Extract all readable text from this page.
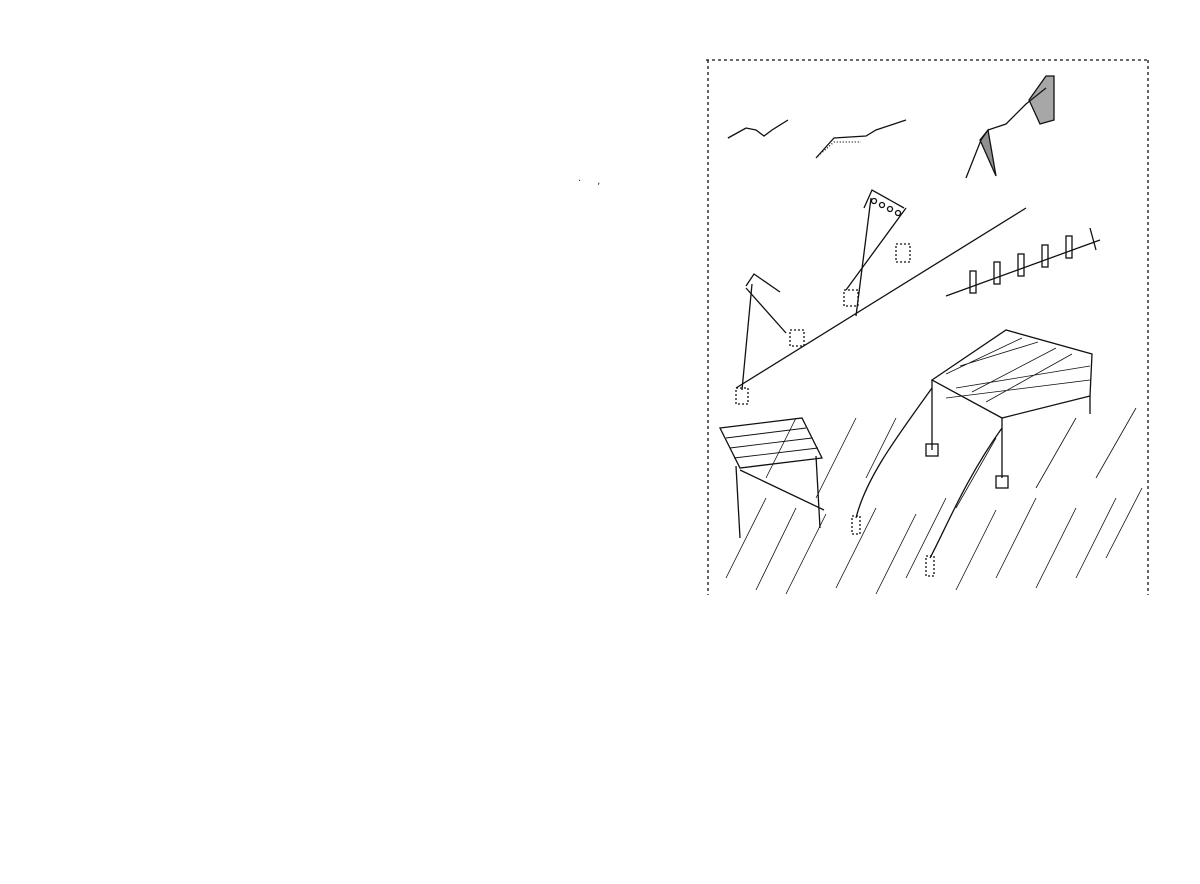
·     ,
